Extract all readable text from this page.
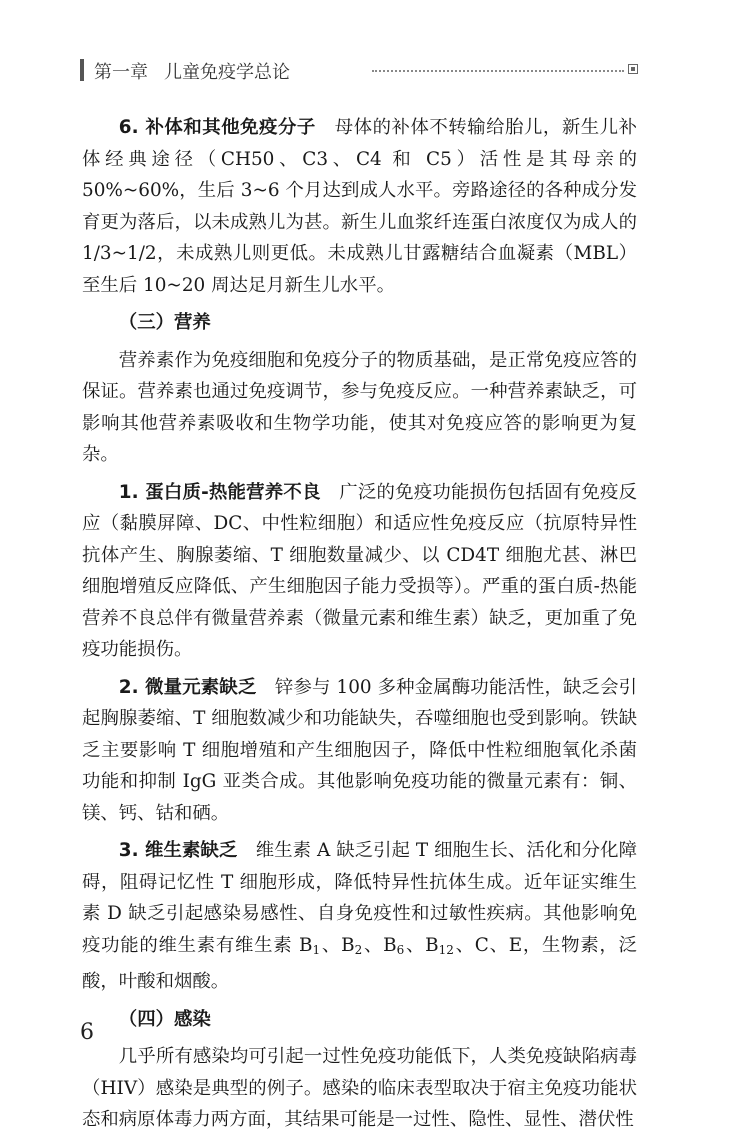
第一章 儿童免疫学总论

6. 补体和其他免疫分子　 母体的补体不转输给胎儿，新生儿补体经典途径（CH50、C3、C4 和 C5）活性是其母亲的 50%~60%，生后 3~6 个月达到成人水平。旁路途径的各种成分发育更为落后，以未成熟儿为甚。新生儿血浆纤连蛋白浓度仅为成人的 1/3~1/2，未成熟儿则更低。未成熟儿甘露糖结合血凝素（MBL）至生后 10~20 周达足月新生儿水平。

（三）营养

营养素作为免疫细胞和免疫分子的物质基础，是正常免疫应答的保证。营养素也通过免疫调节，参与免疫反应。一种营养素缺乏，可影响其他营养素吸收和生物学功能，使其对免疫应答的影响更为复杂。

1. 蛋白质-热能营养不良　 广泛的免疫功能损伤包括固有免疫反应（黏膜屏障、DC、中性粒细胞）和适应性免疫反应（抗原特异性抗体产生、胸腺萎缩、T 细胞数量减少、以 CD4T 细胞尤甚、淋巴细胞增殖反应降低、产生细胞因子能力受损等）。严重的蛋白质-热能营养不良总伴有微量营养素（微量元素和维生素）缺乏，更加重了免疫功能损伤。

2. 微量元素缺乏　 锌参与 100 多种金属酶功能活性，缺乏会引起胸腺萎缩、T 细胞数减少和功能缺失，吞噬细胞也受到影响。铁缺乏主要影响 T 细胞增殖和产生细胞因子，降低中性粒细胞氧化杀菌功能和抑制 IgG 亚类合成。其他影响免疫功能的微量元素有：铜、镁、钙、钴和硒。

3. 维生素缺乏　 维生素 A 缺乏引起 T 细胞生长、活化和分化障碍，阻碍记忆性 T 细胞形成，降低特异性抗体生成。近年证实维生素 D 缺乏引起感染易感性、自身免疫性和过敏性疾病。其他影响免疫功能的维生素有维生素 $B_1$、$B_2$、$B_6$、$B_{12}$、C、E，生物素，泛酸，叶酸和烟酸。

（四）感染

几乎所有感染均可引起一过性免疫功能低下，人类免疫缺陷病毒（HIV）感染是典型的例子。感染的临床表型取决于宿主免疫功能状态和病原体毒力两方面，其结果可能是一过性、隐性、显性、潜伏性

6
